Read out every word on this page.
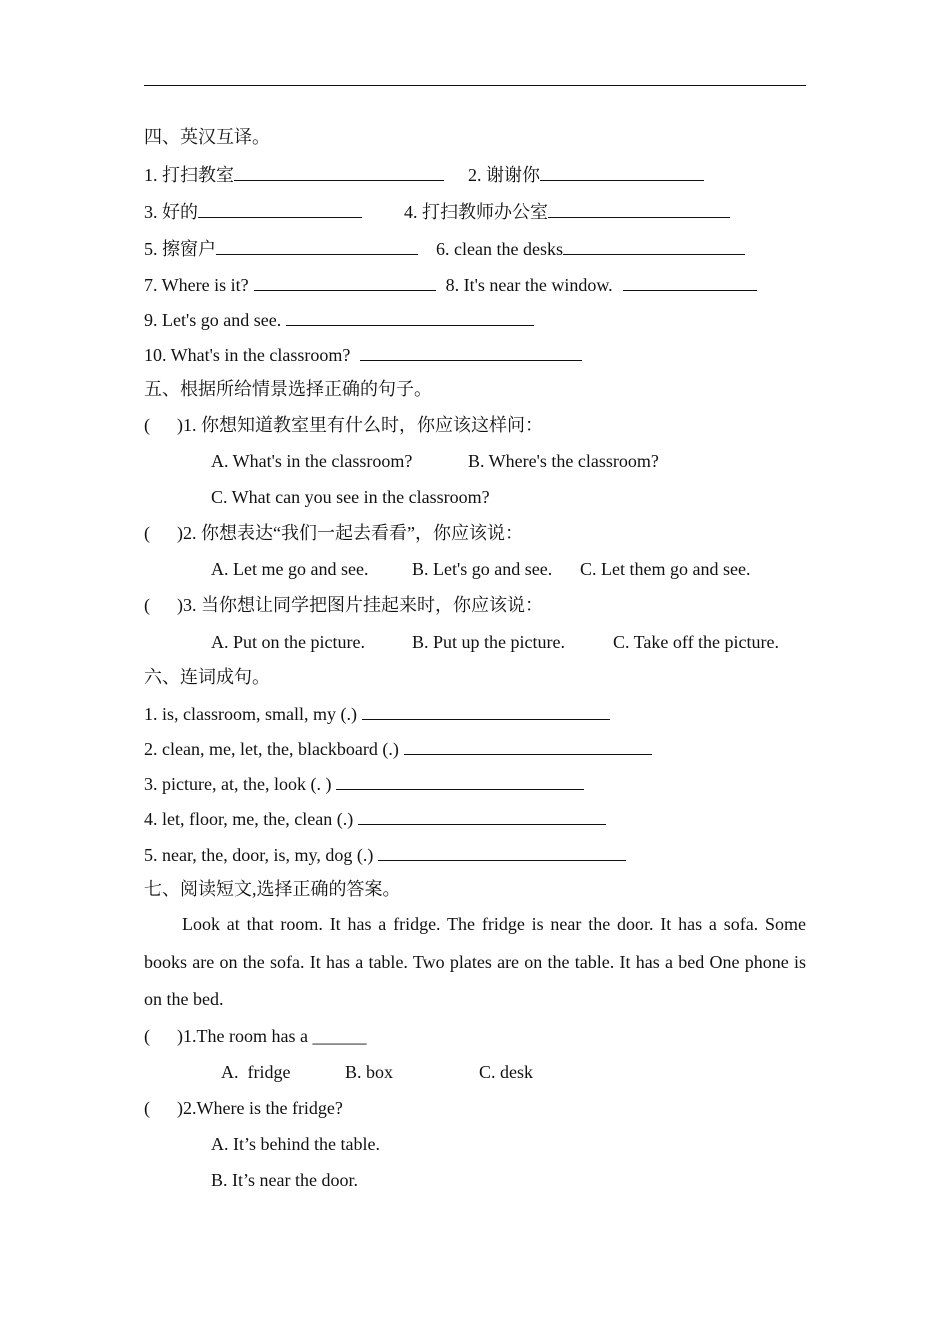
四、英汉互译。
1. 打扫教室	2. 谢谢你
3. 好的	4. 打扫教师办公室
5. 擦窗户	6. clean the desks
7. Where is it?	8. It's near the window.
9. Let's go and see.
10. What's in the classroom?
五、根据所给情景选择正确的句子。
(      )1. 你想知道教室里有什么时，你应该这样问：
A. What's in the classroom?	B. Where's the classroom?
C. What can you see in the classroom?
(      )2. 你想表达“我们一起去看看”，你应该说：
A. Let me go and see. B. Let's go and see. C. Let them go and see.
(      )3. 当你想让同学把图片挂起来时，你应该说：
A. Put on the picture.	B. Put up the picture.	C. Take off the picture.
六、连词成句。
1. is, classroom, small, my (.)
2. clean, me, let, the, blackboard (.)
3. picture, at, the, look (. )
4. let, floor, me, the, clean (.)
5. near, the, door, is, my, dog (.)
七、阅读短文,选择正确的答案。
Look at that room. It has a fridge. The fridge is near the door. It has a sofa. Some books are on the sofa. It has a table. Two plates are on the table. It has a bed One phone is on the bed.
(      )1.The room has a ______
A.  fridge	B. box	C. desk
(      )2.Where is the fridge?
A. It’s behind the table.
B. It’s near the door.
